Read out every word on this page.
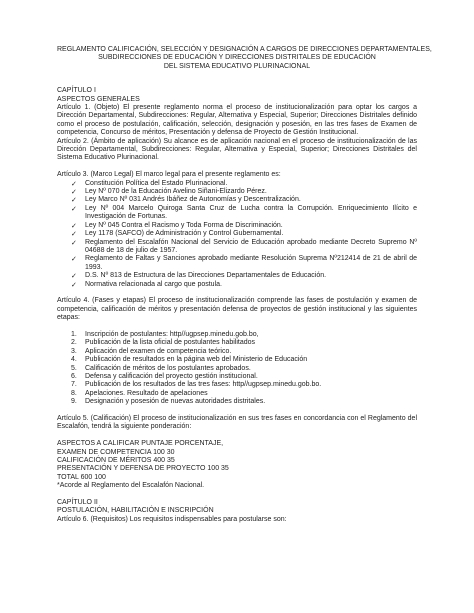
REGLAMENTO CALIFICACIÓN, SELECCIÓN Y DESIGNACIÓN A CARGOS DE DIRECCIONES DEPARTAMENTALES,
SUBDIRECCIONES DE EDUCACIÓN Y DIRECCIONES DISTRITALES DE EDUCACIÓN
DEL SISTEMA EDUCATIVO PLURINACIONAL
CAPÍTULO I
ASPECTOS GENERALES
Artículo 1. (Objeto) El presente reglamento norma el proceso de institucionalización para optar los cargos a Dirección Departamental, Subdirecciones: Regular, Alternativa y Especial, Superior; Direcciones Distritales definido como el proceso de postulación, calificación, selección, designación y posesión, en las tres fases de Examen de competencia, Concurso de méritos, Presentación y defensa de Proyecto de Gestión Institucional.
Artículo 2. (Ámbito de aplicación) Su alcance es de aplicación nacional en el proceso de institucionalización de las Dirección Departamental, Subdirecciones: Regular, Alternativa y Especial, Superior; Direcciones Distritales del Sistema Educativo Plurinacional.
Artículo 3. (Marco Legal) El marco legal para el presente reglamento es:
✓ Constitución Política del Estado Plurinacional.
✓ Ley Nº 070 de la Educación Avelino Siñani-Elizardo Pérez.
✓ Ley Marco Nº 031 Andrés Ibáñez de Autonomías y Descentralización.
✓ Ley Nº 004 Marcelo Quiroga Santa Cruz de Lucha contra la Corrupción. Enriquecimiento Ilícito e Investigación de Fortunas.
✓ Ley Nº 045 Contra el Racismo y Toda Forma de Discriminación.
✓ Ley 1178 (SAFCO) de Administración y Control Gubernamental.
✓ Reglamento del Escalafón Nacional del Servicio de Educación aprobado mediante Decreto Supremo Nº 04688 de 18 de julio de 1957.
✓ Reglamento de Faltas y Sanciones aprobado mediante Resolución Suprema Nº212414 de 21 de abril de 1993.
✓ D.S. Nº 813 de Estructura de las Direcciones Departamentales de Educación.
✓ Normativa relacionada al cargo que postula.
Artículo 4. (Fases y etapas) El proceso de institucionalización comprende las fases de postulación y examen de competencia, calificación de méritos y presentación defensa de proyectos de gestión institucional y las siguientes etapas:
1. Inscripción de postulantes: http//ugpsep.minedu.gob.bo,
2. Publicación de la lista oficial de postulantes habilitados
3. Aplicación del examen de competencia teórico.
4. Publicación de resultados en la página web del Ministerio de Educación
5. Calificación de méritos de los postulantes aprobados.
6. Defensa y calificación del proyecto gestión institucional.
7. Publicación de los resultados de las tres fases: http//ugpsep.minedu.gob.bo.
8. Apelaciones. Resultado de apelaciones
9. Designación y posesión de nuevas autoridades distritales.
Artículo 5. (Calificación) El proceso de institucionalización en sus tres fases en concordancia con el Reglamento del Escalafón, tendrá la siguiente ponderación:
ASPECTOS A CALIFICAR PUNTAJE PORCENTAJE,
EXAMEN DE COMPETENCIA 100 30
CALIFICACIÓN DE MÉRITOS 400 35
PRESENTACIÓN Y DEFENSA DE PROYECTO 100 35
TOTAL 600 100
*Acorde al Reglamento del Escalafón Nacional.
CAPÍTULO II
POSTULACIÓN, HABILITACIÓN E INSCRIPCIÓN
Artículo 6. (Requisitos) Los requisitos indispensables para postularse son:
